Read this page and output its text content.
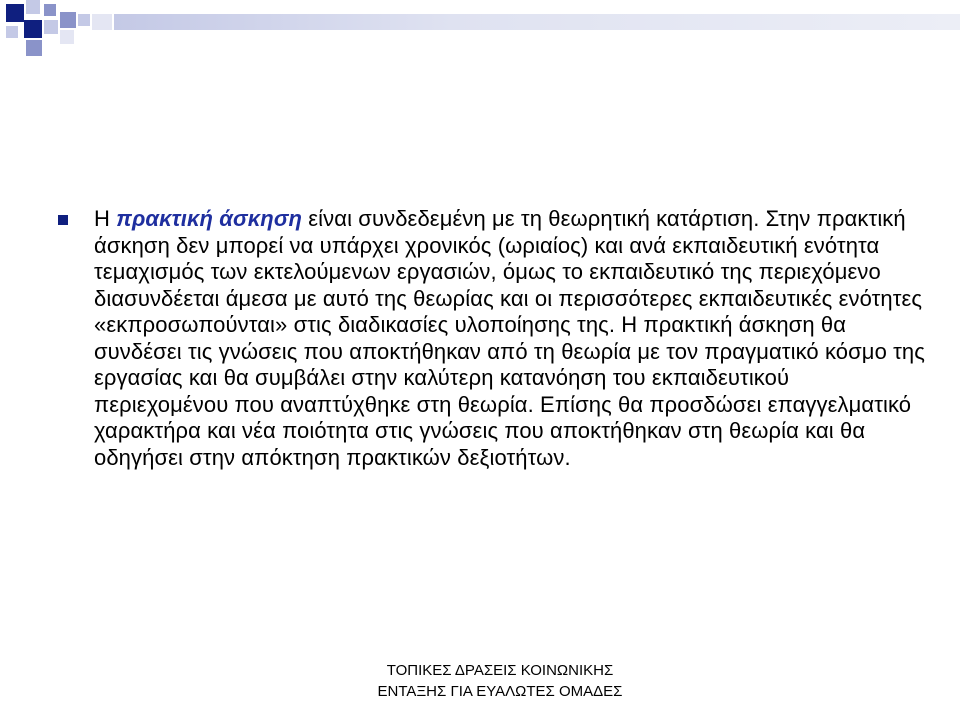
Η πρακτική άσκηση είναι συνδεδεμένη με τη θεωρητική κατάρτιση. Στην πρακτική άσκηση δεν μπορεί να υπάρχει χρονικός (ωριαίος) και ανά εκπαιδευτική ενότητα τεμαχισμός των εκτελούμενων εργασιών, όμως το εκπαιδευτικό της περιεχόμενο διασυνδέεται άμεσα με αυτό της θεωρίας και οι περισσότερες εκπαιδευτικές ενότητες «εκπροσωπούνται» στις διαδικασίες υλοποίησης της. Η πρακτική άσκηση θα συνδέσει τις γνώσεις που αποκτήθηκαν από τη θεωρία με τον πραγματικό κόσμο της εργασίας και θα συμβάλει στην καλύτερη κατανόηση του εκπαιδευτικού περιεχομένου που αναπτύχθηκε στη θεωρία. Επίσης θα προσδώσει επαγγελματικό χαρακτήρα και νέα ποιότητα στις γνώσεις που αποκτήθηκαν στη θεωρία και θα οδηγήσει στην απόκτηση πρακτικών δεξιοτήτων.

ΤΟΠΙΚΕΣ ΔΡΑΣΕΙΣ ΚΟΙΝΩΝΙΚΗΣ
ΕΝΤΑΞΗΣ ΓΙΑ ΕΥΑΛΩΤΕΣ ΟΜΑΔΕΣ
